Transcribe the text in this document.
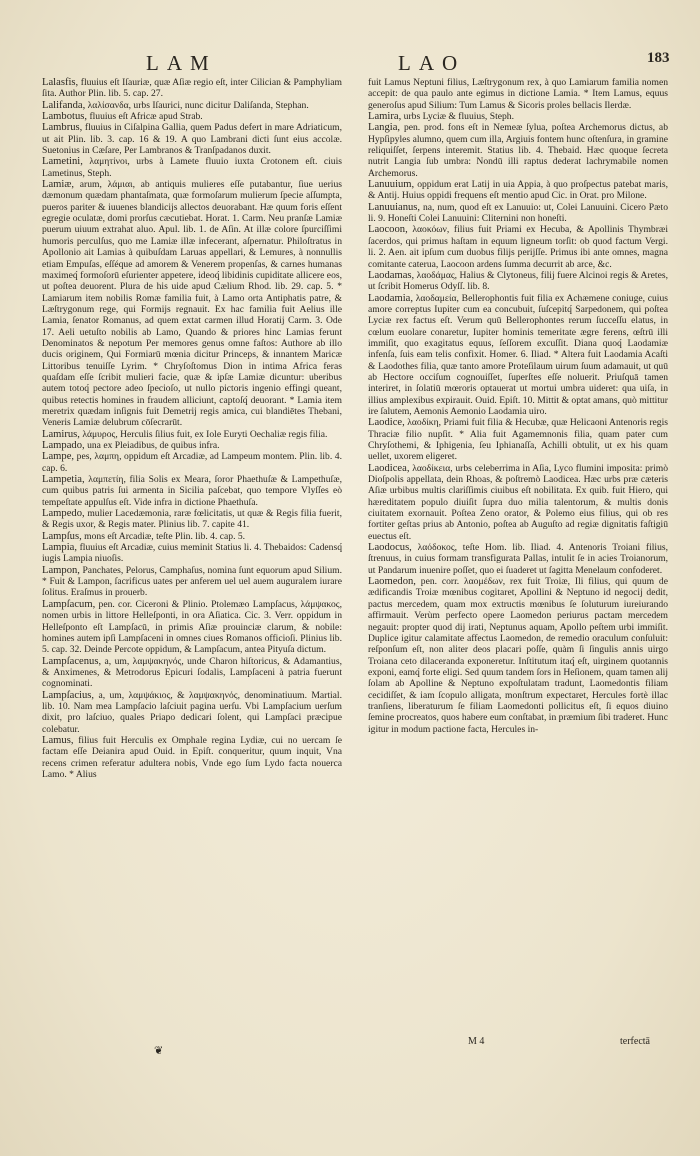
LAM	LAO	183

Lalasfis, fluuius eſt Iſauriæ, quæ Aſiæ regio eſt, inter Cilician & Pamphyliam ſita. Author Plin. lib. 5. cap. 27.

Lalifanda, λαλίσανδα, urbs Iſaurici, nunc dicitur Daliſanda, Stephan.

Lambotus, fluuius eſt Africæ apud Strab.

Lambrus, fluuius in Ciſalpina Gallia, quem Padus defert in mare Adriaticum, ut ait Plin. lib. 3. cap. 16 & 19. A quo Lambrani dicti ſunt eius accolæ. Suetonius in Cæſare, Per Lambranos & Tranſpadanos duxit.

Lametini, λαμητίνοι, urbs à Lamete fluuio iuxta Crotonem eſt. ciuis Lametinus, Steph.

Lamiæ, arum, λάμιαι, ab antiquis mulieres eſſe putabantur, ſiue uerius dæmonum quædam phantaſmata, quæ formoſarum mulierum ſpecie aſſumpta, pueros pariter & iuuenes blandicijs allectos deuorabant. Hæ quum foris eſſent egregie oculatæ, domi prorſus cæcutiebat. Horat. 1. Carm. Neu pranſæ Lamiæ puerum uiuum extrahat aluo. Apul. lib. 1. de Aſin. At illæ colore ſpurciſſimi humoris perculſus, quo me Lamiæ illæ infecerant, aſpernatur. Philoſtratus in Apollonio ait Lamias à quibuſdam Laruas appellari, & Lemures, à nonnullis etiam Empuſas, eſſéque ad amorem & Venerem propenſas, & carnes humanas maximeq́ formoſorū eſurienter appetere, ideoq́ libidinis cupiditate allicere eos, ut poſtea deuorent. Plura de his uide apud Cælium Rhod. lib. 29. cap. 5. * Lamiarum item nobilis Romæ familia fuit, à Lamo orta Antiphatis patre, & Læſtrygonum rege, qui Formijs regnauit. Ex hac familia fuit Aelius ille Lamia, ſenator Romanus, ad quem extat carmen illud Horatij Carm. 3. Ode 17. Aeli uetuſto nobilis ab Lamo, Quando & priores hinc Lamias ferunt Denominatos & nepotum Per memores genus omne faſtos: Authore ab illo ducis originem, Qui Formiarū mœnia dicitur Princeps, & innantem Maricæ Littoribus tenuiſſe Lyrim. * Chryſoſtomus Dion in intima Africa feras quaſdam eſſe ſcribit mulieri facie, quæ & ipſæ Lamiæ dicuntur: uberibus autem totoq́ pectore adeo ſpecioſo, ut nullo pictoris ingenio effingi queant, quibus retectis homines in fraudem alliciunt, captoſq́ deuorant. * Lamia item meretrix quædam inſignis fuit Demetrij regis amica, cui blandiētes Thebani, Veneris Lamiæ delubrum cōſecrarūt.

Lamirus, λάμυρος, Herculis ſilius fuit, ex Iole Euryti Oechaliæ regis filia.

Lampado, una ex Pleiadibus, de quibus infra.

Lampe, pes, λαμπη, oppidum eſt Arcadiæ, ad Lampeum montem. Plin. lib. 4. cap. 6.

Lampetia, λαμπετίη, filia Solis ex Meara, ſoror Phaethuſæ & Lampethuſæ, cum quibus patris ſui armenta in Sicilia paſcebat, quo tempore Vlyſſes eò tempeſtate appulſus eſt. Vide infra in dictione Phaethuſa.

Lampedo, mulier Lacedæmonia, raræ fœlicitatis, ut quæ & Regis filia fuerit, & Regis uxor, & Regis mater. Plinius lib. 7. capite 41.

Lampſus, mons eſt Arcadiæ, teſte Plin. lib. 4. cap. 5.

Lampia, fluuius eſt Arcadiæ, cuius meminit Statius li. 4. Thebaidos: Cadensq́ iugis Lampia niuoſis.

Lampon, Panchates, Pelorus, Camphaſus, nomina ſunt equorum apud Silium. * Fuit & Lampon, ſacrificus uates per anferem uel uel auem auguralem iurare ſolitus. Eraſmus in prouerb.

Lampſacum, pen. cor. Ciceroni & Plinio. Ptolemæo Lampſacus, λάμψακος, nomen urbis in littore Helleſponti, in ora Aſiatica. Cic. 3. Verr. oppidum in Helleſponto eſt Lampſacū, in primis Aſiæ prouinciæ clarum, & nobile: homines autem ipſi Lampſaceni in omnes ciues Romanos officioſi. Plinius lib. 5. cap. 32. Deinde Percote oppidum, & Lampſacum, antea Pityuſa dictum.

Lampſacenus, a, um, λαμψακηνός, unde Charon hiſtoricus, & Adamantius, & Anximenes, & Metrodorus Epicuri ſodalis, Lampſaceni à patria fuerunt cognominati.

Lampſacius, a, um, λαμψάκιος, & λαμψακηνός, denominatiuum. Martial. lib. 10. Nam mea Lampſacio laſciuit pagina uerſu. Vbi Lampſacium uerſum dixit, pro laſciuo, quales Priapo dedicari ſolent, qui Lampſaci præcipue colebatur.

Lamus, filius fuit Herculis ex Omphale regina Lydiæ, cui no uercam ſe factam eſſe Deianira apud Ouid. in Epiſt. conqueritur, quum inquit, Vna recens crimen referatur adultera nobis, Vnde ego ſum Lydo facta nouerca Lamo. * Alius

fuit Lamus Neptuni filius, Læſtrygonum rex, à quo Lamiarum familia nomen accepit: de qua paulo ante egimus in dictione Lamia. * Item Lamus, equus generoſus apud Silium: Tum Lamus & Sicoris proles bellacis Ilerdæ.

Lamira, urbs Lyciæ & fluuius, Steph.

Langia, pen. prod. fons eſt in Nemeæ ſylua, poſtea Archemorus dictus, ab Hypſipyles alumno, quem cum illa, Argiuis fontem hunc oſtenſura, in gramine reliquiſſet, ſerpens interemit. Statius lib. 4. Thebaid. Hæc quoque ſecreta nutrit Langia ſub umbra: Nondū illi raptus dederat lachrymabile nomen Archemorus.

Lanuuium, oppidum erat Latij in uia Appia, à quo proſpectus patebat maris, & Antij. Huius oppidi frequens eſt mentio apud Cic. in Orat. pro Milone.

Lanuuianus, na, num, quod eſt ex Lanuuio: ut, Colei Lanuuini. Cicero Pæto li. 9. Honeſti Colei Lanuuini: Cliternini non honeſti.

Laocoon, λαοκόων, filius fuit Priami ex Hecuba, & Apollinis Thymbræi ſacerdos, qui primus haſtam in equum ligneum torſit: ob quod factum Vergi. li. 2. Aen. ait ipſum cum duobus filijs perijſſe. Primus ibi ante omnes, magna comitante caterua, Laocoon ardens ſumma decurrit ab arce, &c.

Laodamas, λαοδάμας, Halius & Clytoneus, filij fuere Alcinoi regis & Aretes, ut ſcribit Homerus Odyſſ. lib. 8.

Laodamia, λαοδαμεία, Bellerophontis fuit filia ex Achæmene coniuge, cuius amore correptus Iupiter cum ea concubuit, ſuſcepitq́ Sarpedonem, qui poſtea Lyciæ rex factus eſt. Verum quū Bellerophontes rerum ſucceſſu elatus, in cœlum euolare conaretur, Iupiter hominis temeritate ægre ferens, œſtrū illi immiſit, quo exagitatus equus, ſeſſorem excuſſit. Diana quoq́ Laodamiæ infenſa, ſuis eam telis confixit. Homer. 6. Iliad. * Altera fuit Laodamia Acaſti & Laodothes filia, quæ tanto amore Proteſilaum uirum ſuum adamauit, ut quū ab Hectore occiſum cognouiſſet, ſuperſtes eſſe noluerit. Priuſquā tamen interiret, in ſolatiū mœroris optauerat ut mortui umbra uideret: qua uiſa, in illius amplexibus expirauit. Ouid. Epiſt. 10. Mittit & optat amans, quò mittitur ire ſalutem, Aemonis Aemonio Laodamia uiro.

Laodice, λαοδίκη, Priami fuit filia & Hecubæ, quæ Helicaoni Antenoris regis Thraciæ filio nupſit. * Alia fuit Agamemnonis filia, quam pater cum Chryſothemi, & Iphigenia, ſeu Iphianaſſa, Achilli obtulit, ut ex his quam uellet, uxorem eligeret.

Laodicea, λαοδίκεια, urbs celeberrima in Aſia, Lyco flumini imposita: primò Dioſpolis appellata, dein Rhoas, & poſtremò Laodicea. Hæc urbs præ cæteris Aſiæ urbibus multis clariſſimis ciuibus eſt nobilitata. Ex quib. fuit Hiero, qui hæreditatem populo diuiſit ſupra duo milia talentorum, & multis donis ciuitatem exornauit. Poſtea Zeno orator, & Polemo eius filius, qui ob res fortiter geſtas prius ab Antonio, poſtea ab Auguſto ad regiæ dignitatis faſtigiū euectus eſt.

Laodocus, λαόδοκος, teſte Hom. lib. Iliad. 4. Antenoris Troiani filius, ſtrenuus, in cuius formam transfigurata Pallas, intulit ſe in acies Troianorum, ut Pandarum inuenire poſſet, quo ei ſuaderet ut ſagitta Menelaum confoderet.

Laomedon, pen. corr. λαομέδων, rex fuit Troiæ, Ili filius, qui quum de ædificandis Troiæ mœnibus cogitaret, Apollini & Neptuno id negocij dedit, pactus mercedem, quam mox extructis mœnibus ſe ſoluturum iureiurando affirmauit. Verùm perfecto opere Laomedon periurus pactam mercedem negauit: propter quod dij irati, Neptunus aquam, Apollo peſtem urbi immiſit. Duplice igitur calamitate affectus Laomedon, de remedio oraculum conſuluit: reſponſum eſt, non aliter deos placari poſſe, quàm ſi ſingulis annis uirgo Troiana ceto dilaceranda exponeretur. Inſtitutum itaq́ eſt, uirginem quotannis exponi, eamq́ forte eligi. Sed quum tandem ſors in Heſionem, quam tamen alij ſolam ab Apolline & Neptuno expoſtulatam tradunt, Laomedontis filiam cecidiſſet, & iam ſcopulo alligata, monſtrum expectaret, Hercules fortè illac tranſiens, liberaturum ſe filiam Laomedonti pollicitus eſt, ſi equos diuino ſemine procreatos, quos habere eum conſtabat, in præmium ſibi traderet. Hunc igitur in modum pactione facta, Hercules in-

❦
M 4	terfectā
